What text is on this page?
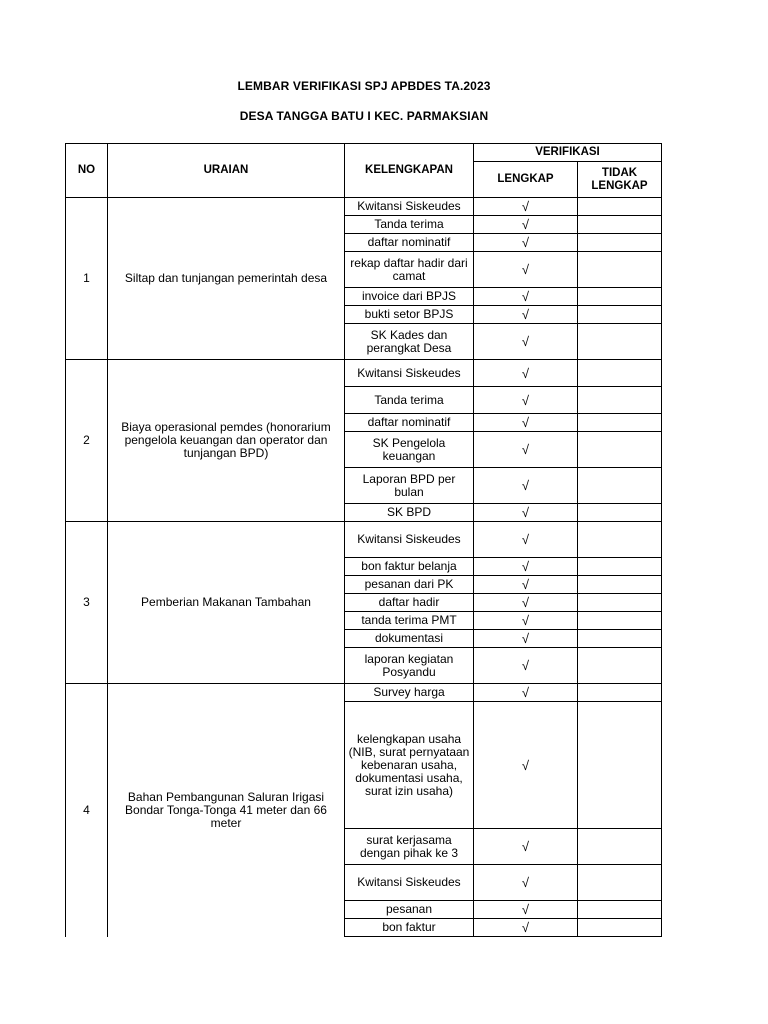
LEMBAR VERIFIKASI SPJ APBDES TA.2023
DESA TANGGA BATU I KEC. PARMAKSIAN
NO	URAIAN	KELENGKAPAN	VERIFIKASI	
			LENGKAP	TIDAK LENGKAP
1	Siltap dan tunjangan pemerintah desa	Kwitansi Siskeudes	√	
		Tanda terima	√	
		daftar nominatif	√	
		rekap daftar hadir dari camat	√	
		invoice dari BPJS	√	
		bukti setor BPJS	√	
		SK Kades dan perangkat Desa	√	
2	Biaya operasional pemdes (honorarium pengelola keuangan dan operator dan tunjangan BPD)	Kwitansi Siskeudes	√	
		Tanda terima	√	
		daftar nominatif	√	
		SK Pengelola keuangan	√	
		Laporan BPD per bulan	√	
		SK BPD	√	
3	Pemberian Makanan Tambahan	Kwitansi Siskeudes	√	
		bon faktur belanja	√	
		pesanan dari PK	√	
		daftar hadir	√	
		tanda terima PMT	√	
		dokumentasi	√	
		laporan kegiatan Posyandu	√	
4	Bahan Pembangunan Saluran Irigasi Bondar Tonga-Tonga 41 meter dan 66 meter	Survey harga	√	
		kelengkapan usaha (NIB, surat pernyataan kebenaran usaha, dokumentasi usaha, surat izin usaha)	√	
		surat kerjasama dengan pihak ke 3	√	
		Kwitansi Siskeudes	√	
		pesanan	√	
		bon faktur	√	
